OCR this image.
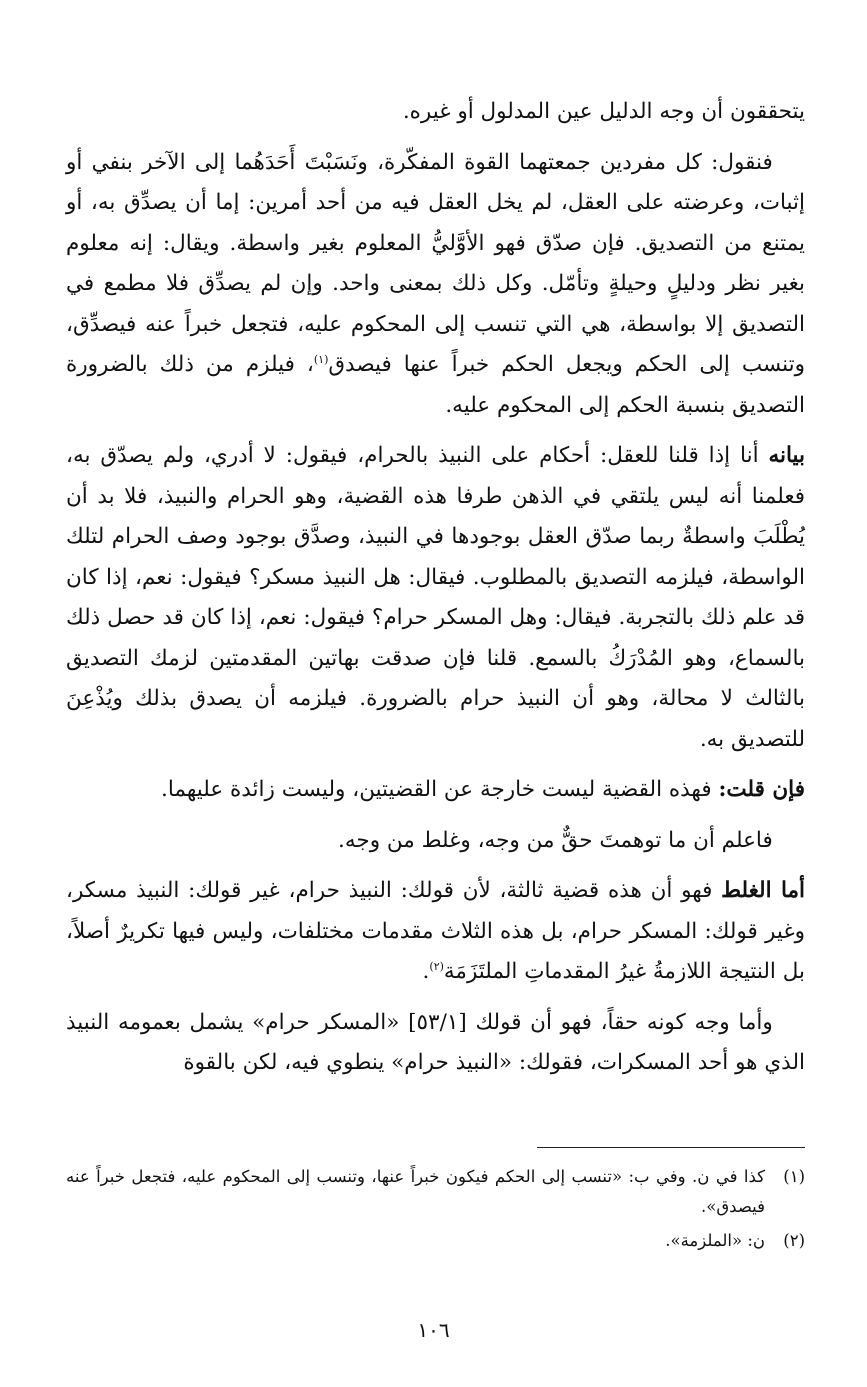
يتحققون أن وجه الدليل عين المدلول أو غيره.

فنقول: كل مفردين جمعتهما القوة المفكّرة، ونَسَبْتَ أَحَدَهُما إلى الآخر بنفي أو إثبات، وعرضته على العقل، لم يخل العقل فيه من أحد أمرين: إما أن يصدِّق به، أو يمتنع من التصديق. فإن صدّق فهو الأوَّليُّ المعلوم بغير واسطة. ويقال: إنه معلوم بغير نظر ودليلٍ وحيلةٍ وتأمّل. وكل ذلك بمعنى واحد. وإن لم يصدِّق فلا مطمع في التصديق إلا بواسطة، هي التي تنسب إلى المحكوم عليه، فتجعل خبراً عنه فيصدِّق، وتنسب إلى الحكم ويجعل الحكم خبراً عنها فيصدق$^{(١)}$، فيلزم من ذلك بالضرورة التصديق بنسبة الحكم إلى المحكوم عليه.

بيانه أنا إذا قلنا للعقل: أحكام على النبيذ بالحرام، فيقول: لا أدري، ولم يصدّق به، فعلمنا أنه ليس يلتقي في الذهن طرفا هذه القضية، وهو الحرام والنبيذ، فلا بد أن يُطْلَبَ واسطةٌ ربما صدّق العقل بوجودها في النبيذ، وصدَّق بوجود وصف الحرام لتلك الواسطة، فيلزمه التصديق بالمطلوب. فيقال: هل النبيذ مسكر؟ فيقول: نعم، إذا كان قد علم ذلك بالتجربة. فيقال: وهل المسكر حرام؟ فيقول: نعم، إذا كان قد حصل ذلك بالسماع، وهو المُدْرَكُ بالسمع. قلنا فإن صدقت بهاتين المقدمتين لزمك التصديق بالثالث لا محالة، وهو أن النبيذ حرام بالضرورة. فيلزمه أن يصدق بذلك ويُذْعِنَ للتصديق به.

فإن قلت: فهذه القضية ليست خارجة عن القضيتين، وليست زائدة عليهما.

فاعلم أن ما توهمتَ حقٌّ من وجه، وغلط من وجه.

أما الغلط فهو أن هذه قضية ثالثة، لأن قولك: النبيذ حرام، غير قولك: النبيذ مسكر، وغير قولك: المسكر حرام، بل هذه الثلاث مقدمات مختلفات، وليس فيها تكريرٌ أصلاً، بل النتيجة اللازمةُ غيرُ المقدماتِ الملتَزَمَة$^{(٢)}$.

وأما وجه كونه حقاً، فهو أن قولك [٥٣/١] «المسكر حرام» يشمل بعمومه النبيذ الذي هو أحد المسكرات، فقولك: «النبيذ حرام» ينطوي فيه، لكن بالقوة

(١)
كذا في ن. وفي ب: «تنسب إلى الحكم فيكون خبراً عنها، وتنسب إلى المحكوم عليه، فتجعل خبراً عنه فيصدق».
(٢)
ن: «الملزمة».
١٠٦
